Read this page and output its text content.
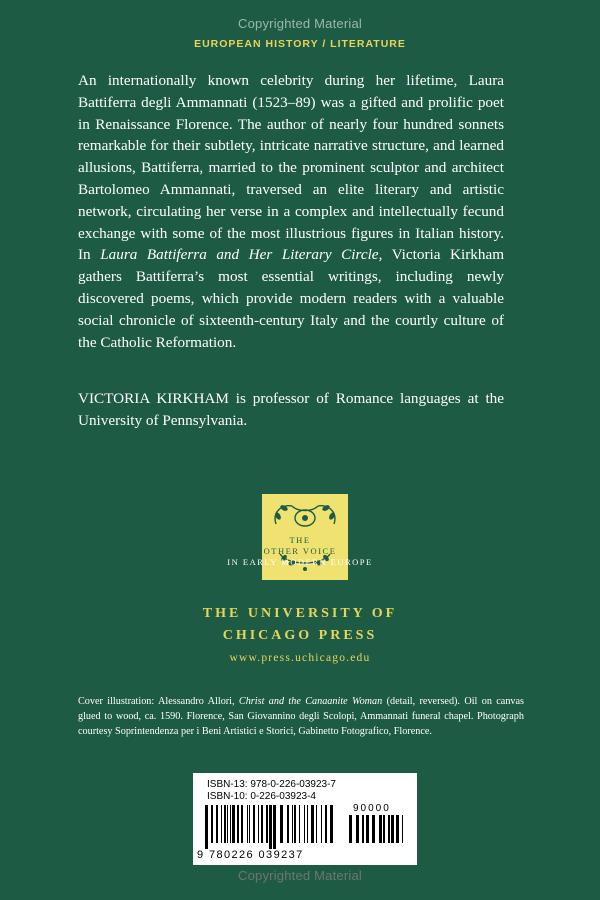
Copyrighted Material
EUROPEAN HISTORY / LITERATURE

An internationally known celebrity during her lifetime, Laura Battiferra degli Ammannati (1523–89) was a gifted and prolific poet in Renaissance Florence. The author of nearly four hundred sonnets remarkable for their subtlety, intricate narrative structure, and learned allusions, Battiferra, married to the prominent sculptor and architect Bartolomeo Ammannati, traversed an elite literary and artistic network, circulating her verse in a complex and intellectually fecund exchange with some of the most illustrious figures in Italian history. In Laura Battiferra and Her Literary Circle, Victoria Kirkham gathers Battiferra’s most essential writings, including newly discovered poems, which provide modern readers with a valuable social chronicle of sixteenth-century Italy and the courtly culture of the Catholic Reformation.

VICTORIA KIRKHAM is professor of Romance languages at the University of Pennsylvania.

THE
OTHER VOICE
IN EARLY MODERN EUROPE
THE UNIVERSITY OF
CHICAGO PRESS
www.press.uchicago.edu

Cover illustration: Alessandro Allori, Christ and the Canaanite Woman (detail, reversed). Oil on canvas glued to wood, ca. 1590. Florence, San Giovannino degli Scolopi, Ammannati funeral chapel. Photograph courtesy Soprintendenza per i Beni Artistici e Storici, Gabinetto Fotografico, Florence.

ISBN-13: 978-0-226-03923-7
ISBN-10: 0-226-03923-4
90000
9 780226 039237
Copyrighted Material
